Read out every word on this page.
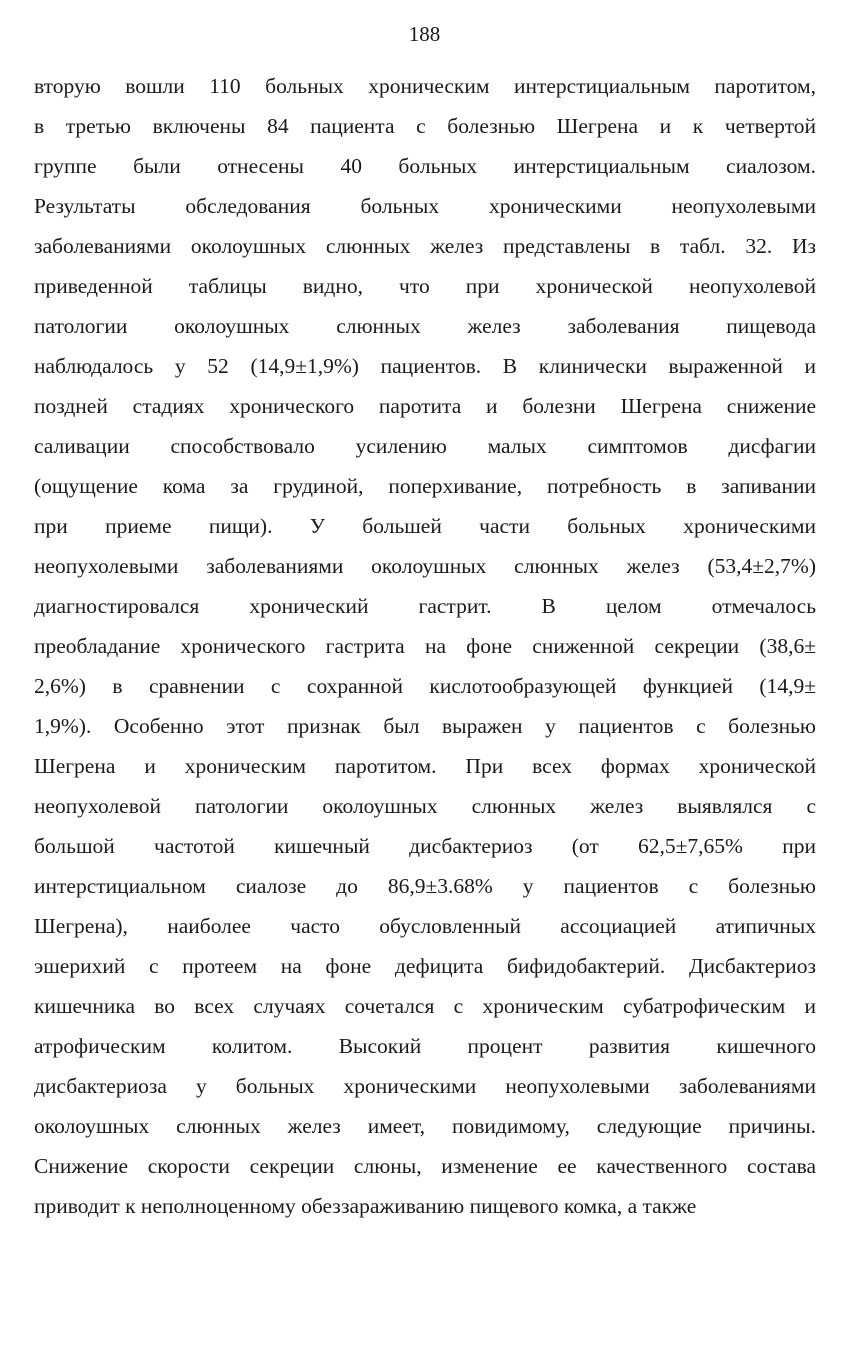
188
вторую вошли 110 больных хроническим интерстициальным паротитом,
в третью включены 84 пациента с болезнью Шегрена и к четвертой
группе были отнесены 40 больных интерстициальным сиалозом.
Результаты обследования больных хроническими неопухолевыми
заболеваниями околоушных слюнных желез представлены в табл. 32. Из
приведенной таблицы видно, что при хронической неопухолевой
патологии околоушных слюнных желез заболевания пищевода
наблюдалось у 52 (14,9±1,9%) пациентов. В клинически выраженной и
поздней стадиях хронического паротита и болезни Шегрена снижение
саливации способствовало усилению малых симптомов дисфагии
(ощущение кома за грудиной, поперхивание, потребность в запивании
при приеме пищи). У большей части больных хроническими
неопухолевыми заболеваниями околоушных слюнных желез (53,4±2,7%)
диагностировался хронический гастрит. В целом отмечалось
преобладание хронического гастрита на фоне сниженной секреции (38,6±
2,6%) в сравнении с сохранной кислотообразующей функцией (14,9±
1,9%). Особенно этот признак был выражен у пациентов с болезнью
Шегрена и хроническим паротитом. При всех формах хронической
неопухолевой патологии околоушных слюнных желез выявлялся с
большой частотой кишечный дисбактериоз (от 62,5±7,65% при
интерстициальном сиалозе до 86,9±3.68% у пациентов с болезнью
Шегрена), наиболее часто обусловленный ассоциацией атипичных
эшерихий с протеем на фоне дефицита бифидобактерий. Дисбактериоз
кишечника во всех случаях сочетался с хроническим субатрофическим и
атрофическим колитом. Высокий процент развития кишечного
дисбактериоза у больных хроническими неопухолевыми заболеваниями
околоушных слюнных желез имеет, повидимому, следующие причины.
Снижение скорости секреции слюны, изменение ее качественного состава
приводит к неполноценному обеззараживанию пищевого комка, а также
